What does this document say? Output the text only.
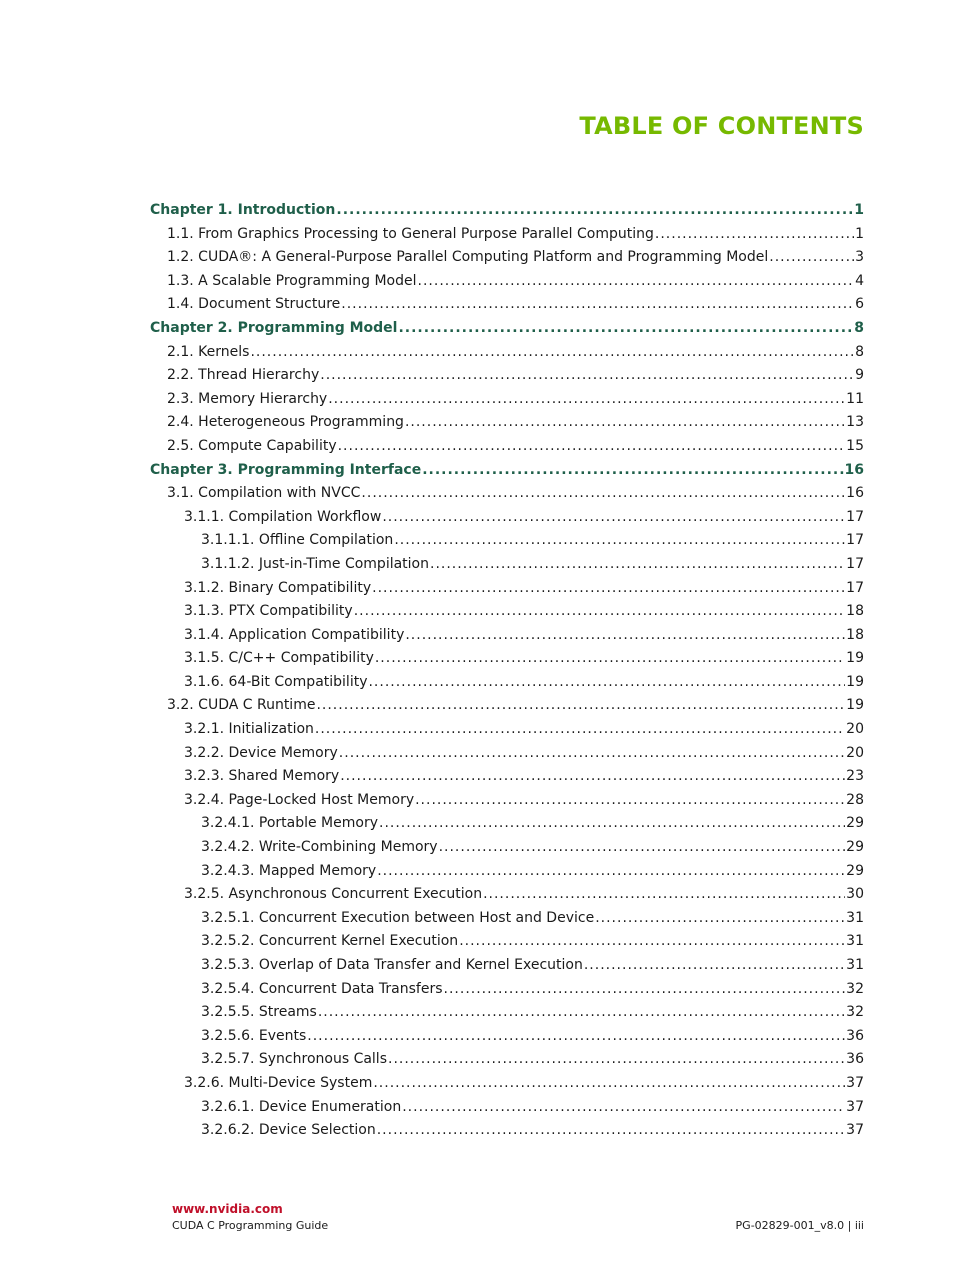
TABLE OF CONTENTS
Chapter 1. Introduction .....	1
1.1. From Graphics Processing to General Purpose Parallel Computing .....	1
1.2. CUDA®: A General-Purpose Parallel Computing Platform and Programming Model .....	3
1.3. A Scalable Programming Model .....	4
1.4. Document Structure .....	6
Chapter 2. Programming Model .....	8
2.1. Kernels .....	8
2.2. Thread Hierarchy .....	9
2.3. Memory Hierarchy .....	11
2.4. Heterogeneous Programming .....	13
2.5. Compute Capability .....	15
Chapter 3. Programming Interface .....	16
3.1. Compilation with NVCC .....	16
3.1.1. Compilation Workflow .....	17
3.1.1.1. Offline Compilation .....	17
3.1.1.2. Just-in-Time Compilation .....	17
3.1.2. Binary Compatibility .....	17
3.1.3. PTX Compatibility .....	18
3.1.4. Application Compatibility .....	18
3.1.5. C/C++ Compatibility .....	19
3.1.6. 64-Bit Compatibility .....	19
3.2. CUDA C Runtime .....	19
3.2.1. Initialization .....	20
3.2.2. Device Memory .....	20
3.2.3. Shared Memory .....	23
3.2.4. Page-Locked Host Memory .....	28
3.2.4.1. Portable Memory .....	29
3.2.4.2. Write-Combining Memory .....	29
3.2.4.3. Mapped Memory .....	29
3.2.5. Asynchronous Concurrent Execution .....	30
3.2.5.1. Concurrent Execution between Host and Device .....	31
3.2.5.2. Concurrent Kernel Execution .....	31
3.2.5.3. Overlap of Data Transfer and Kernel Execution .....	31
3.2.5.4. Concurrent Data Transfers .....	32
3.2.5.5. Streams .....	32
3.2.5.6. Events .....	36
3.2.5.7. Synchronous Calls .....	36
3.2.6. Multi-Device System .....	37
3.2.6.1. Device Enumeration .....	37
3.2.6.2. Device Selection .....	37
www.nvidia.com
CUDA C Programming Guide	PG-02829-001_v8.0 | iii
